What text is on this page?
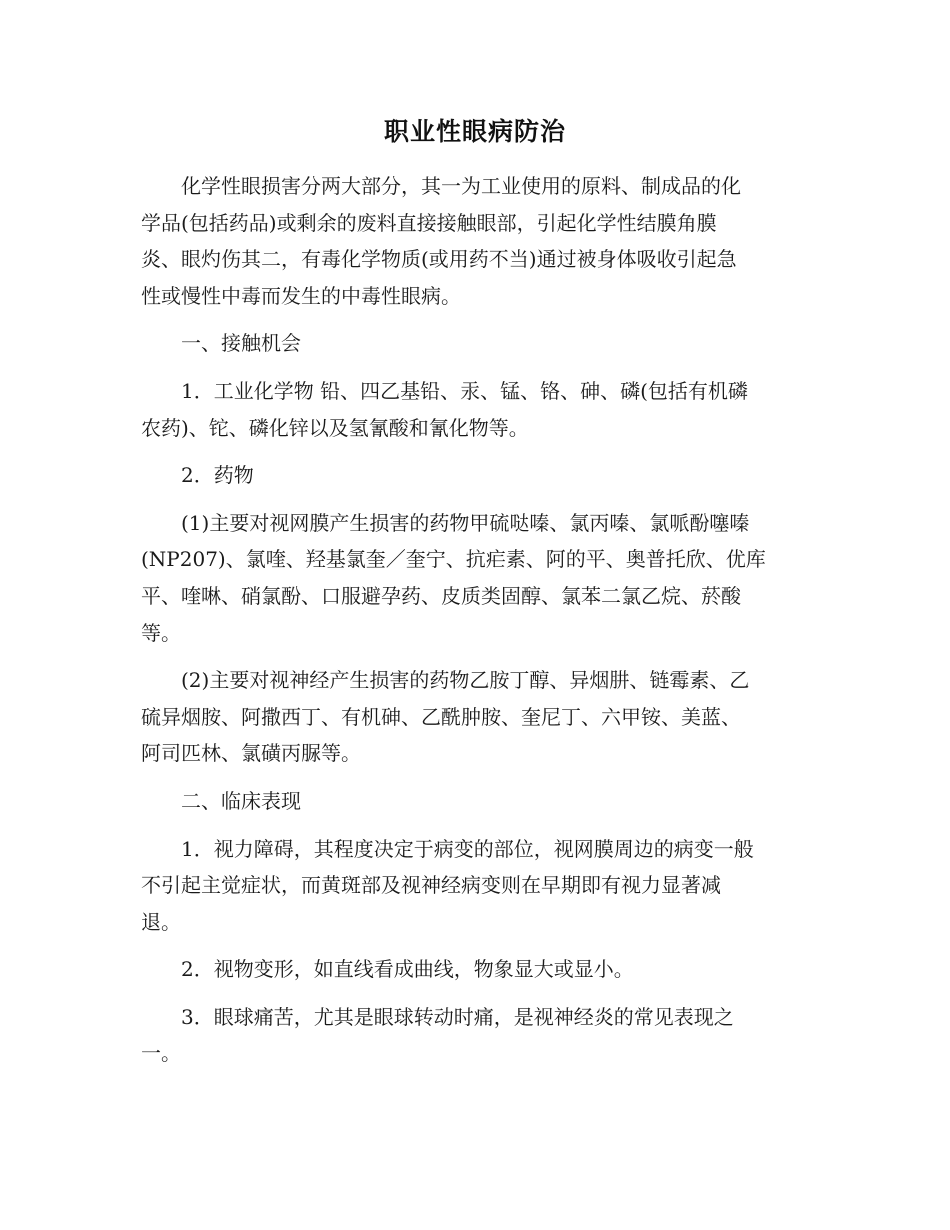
职业性眼病防治

化学性眼损害分两大部分，其一为工业使用的原料、制成品的化
学品(包括药品)或剩余的废料直接接触眼部，引起化学性结膜角膜
炎、眼灼伤其二，有毒化学物质(或用药不当)通过被身体吸收引起急
性或慢性中毒而发生的中毒性眼病。

一、接触机会

1．工业化学物 铅、四乙基铅、汞、锰、铬、砷、磷(包括有机磷
农药)、铊、磷化锌以及氢氰酸和氰化物等。

2．药物

(1)主要对视网膜产生损害的药物甲硫哒嗪、氯丙嗪、氯哌酚噻嗪
(NP207)、氯喹、羟基氯奎／奎宁、抗疟素、阿的平、奥普托欣、优库
平、喹啉、硝氯酚、口服避孕药、皮质类固醇、氯苯二氯乙烷、菸酸
等。

(2)主要对视神经产生损害的药物乙胺丁醇、异烟肼、链霉素、乙
硫异烟胺、阿撒西丁、有机砷、乙酰肿胺、奎尼丁、六甲铵、美蓝、
阿司匹林、氯磺丙脲等。

二、临床表现

1．视力障碍，其程度决定于病变的部位，视网膜周边的病变一般
不引起主觉症状，而黄斑部及视神经病变则在早期即有视力显著减
退。

2．视物变形，如直线看成曲线，物象显大或显小。

3．眼球痛苦，尤其是眼球转动时痛，是视神经炎的常见表现之
一。
